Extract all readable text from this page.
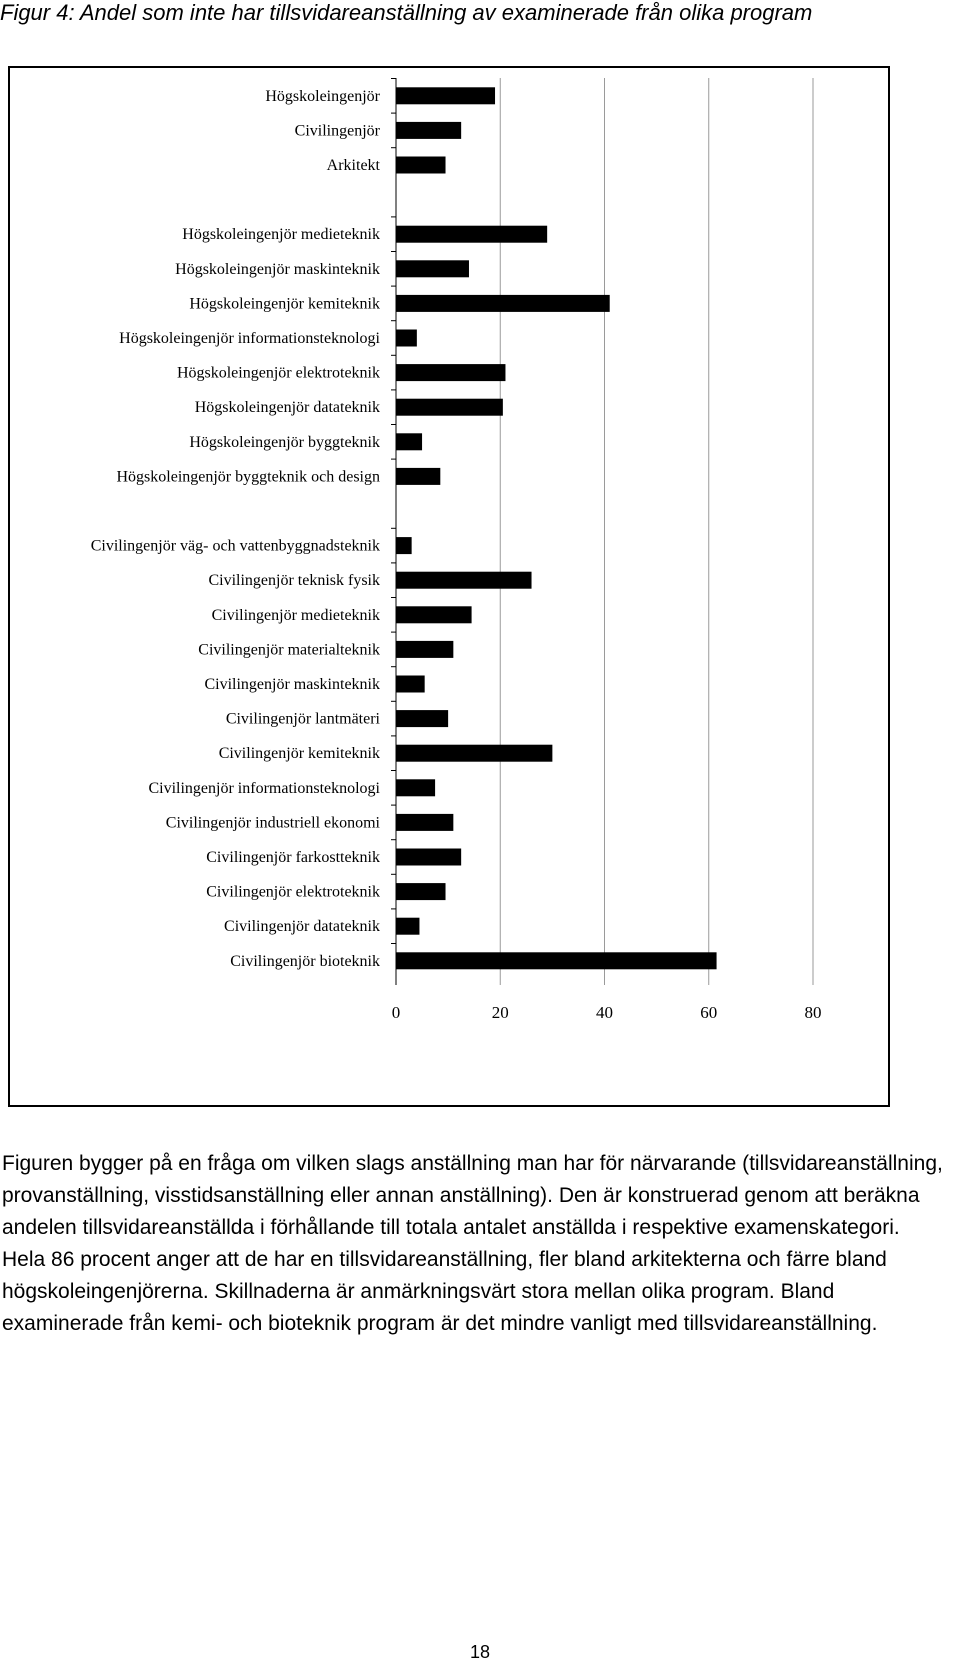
Figur 4: Andel som inte har tillsvidareanställning av examinerade från olika program
Högskoleingenjör
Civilingenjör
Arkitekt
Högskoleingenjör medieteknik
Högskoleingenjör maskinteknik
Högskoleingenjör kemiteknik
Högskoleingenjör informationsteknologi
Högskoleingenjör elektroteknik
Högskoleingenjör datateknik
Högskoleingenjör byggteknik
Högskoleingenjör byggteknik och design
Civilingenjör väg- och vattenbyggnadsteknik
Civilingenjör teknisk fysik
Civilingenjör medieteknik
Civilingenjör materialteknik
Civilingenjör maskinteknik
Civilingenjör lantmäteri
Civilingenjör kemiteknik
Civilingenjör informationsteknologi
Civilingenjör industriell ekonomi
Civilingenjör farkostteknik
Civilingenjör elektroteknik
Civilingenjör datateknik
Civilingenjör bioteknik
0	20	40	60	80

Figuren bygger på en fråga om vilken slags anställning man har för närvarande (tillsvidareanställning, provanställning, visstidsanställning eller annan anställning). Den är konstruerad genom att beräkna andelen tillsvidareanställda i förhållande till totala antalet anställda i respektive examenskategori.

Hela 86 procent anger att de har en tillsvidareanställning, fler bland arkitekterna och färre bland högskoleingenjörerna. Skillnaderna är anmärkningsvärt stora mellan olika program. Bland examinerade från kemi- och bioteknik program är det mindre vanligt med tillsvidareanställning.

18
